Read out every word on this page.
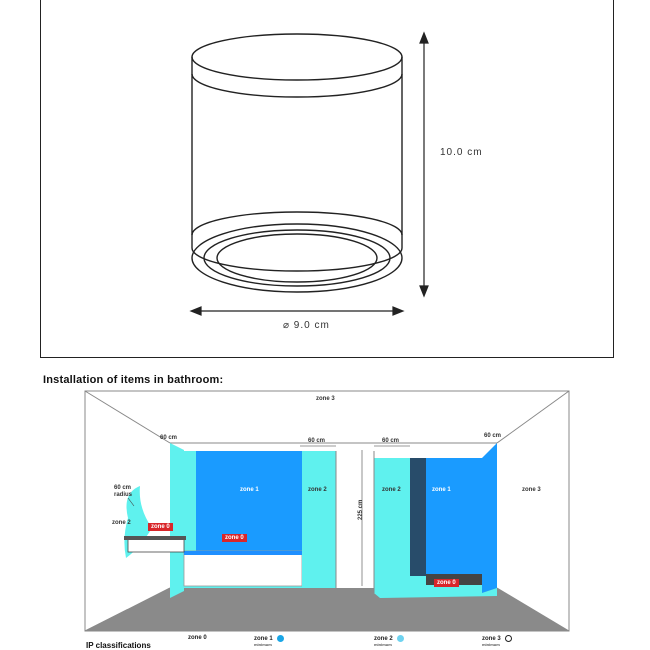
10.0 cm
⌀ 9.0 cm
Installation of items in bathroom:
zone 3
60 cm	60 cm	60 cm
60 cm
60 cm
radius
zone 2
zone 0
zone 1	zone 2
zone 0
225 cm
zone 2	zone 1	zone 3
zone 0
IP classifications
zone 0	zone 1
minimum
zone 2
minimum
zone 3
minimum
